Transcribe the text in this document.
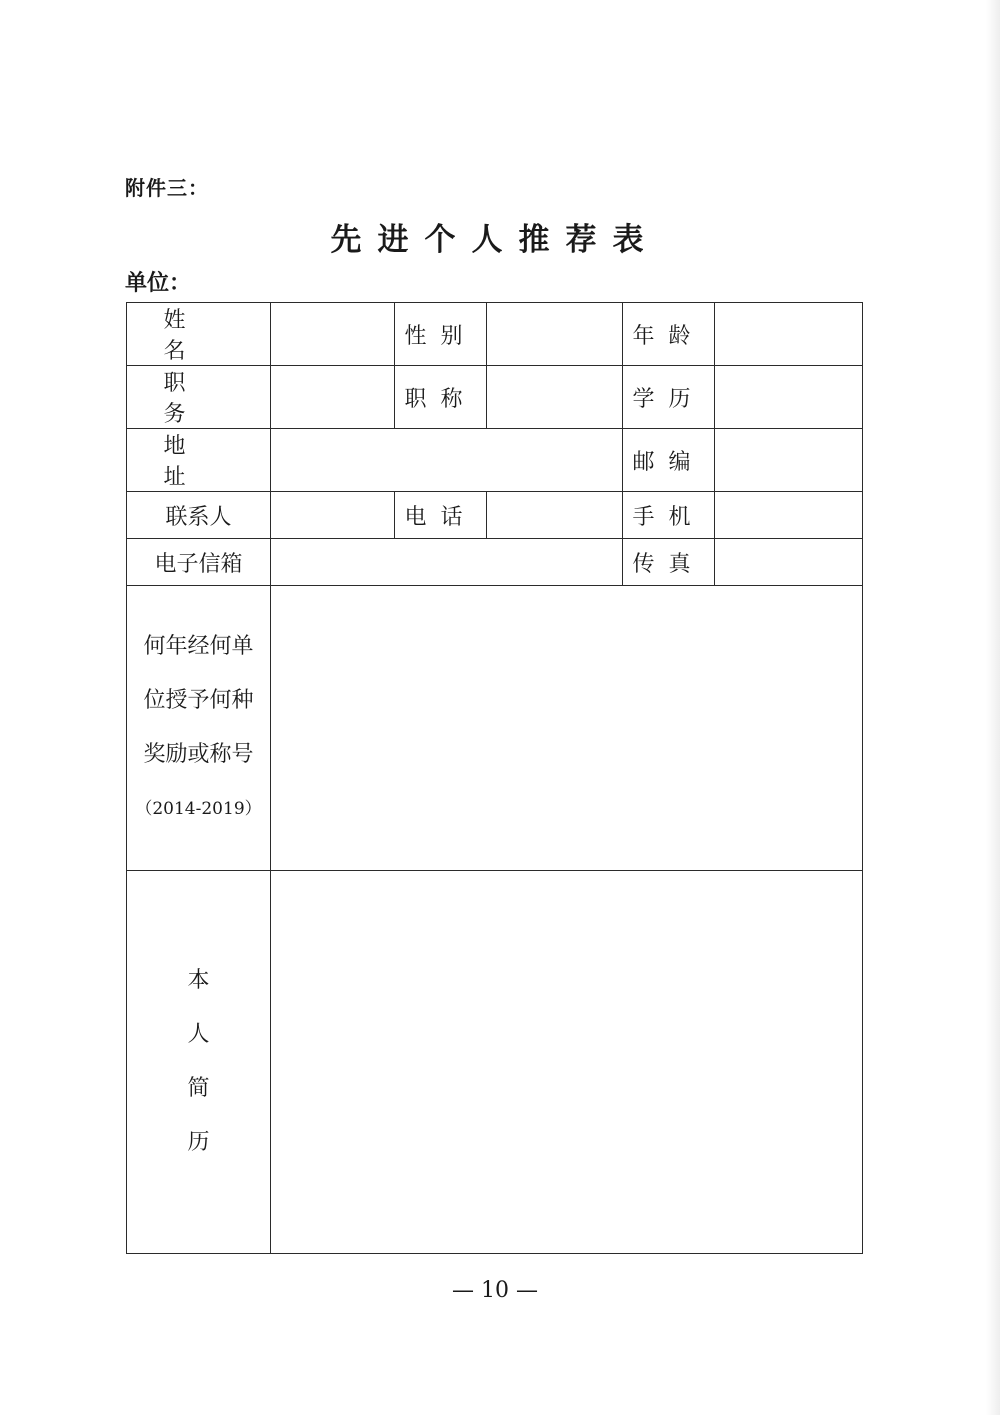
附件三：
先进个人推荐表
单位：
姓　名		性别		年龄	
职　务		职称		学历	
地　址				邮编	
联系人		电话		手机	
电子信箱				传真	

何年经何单
位授予何种
奖励或称号
（2014-2019）					

本
人
简
历					

— 10 —
